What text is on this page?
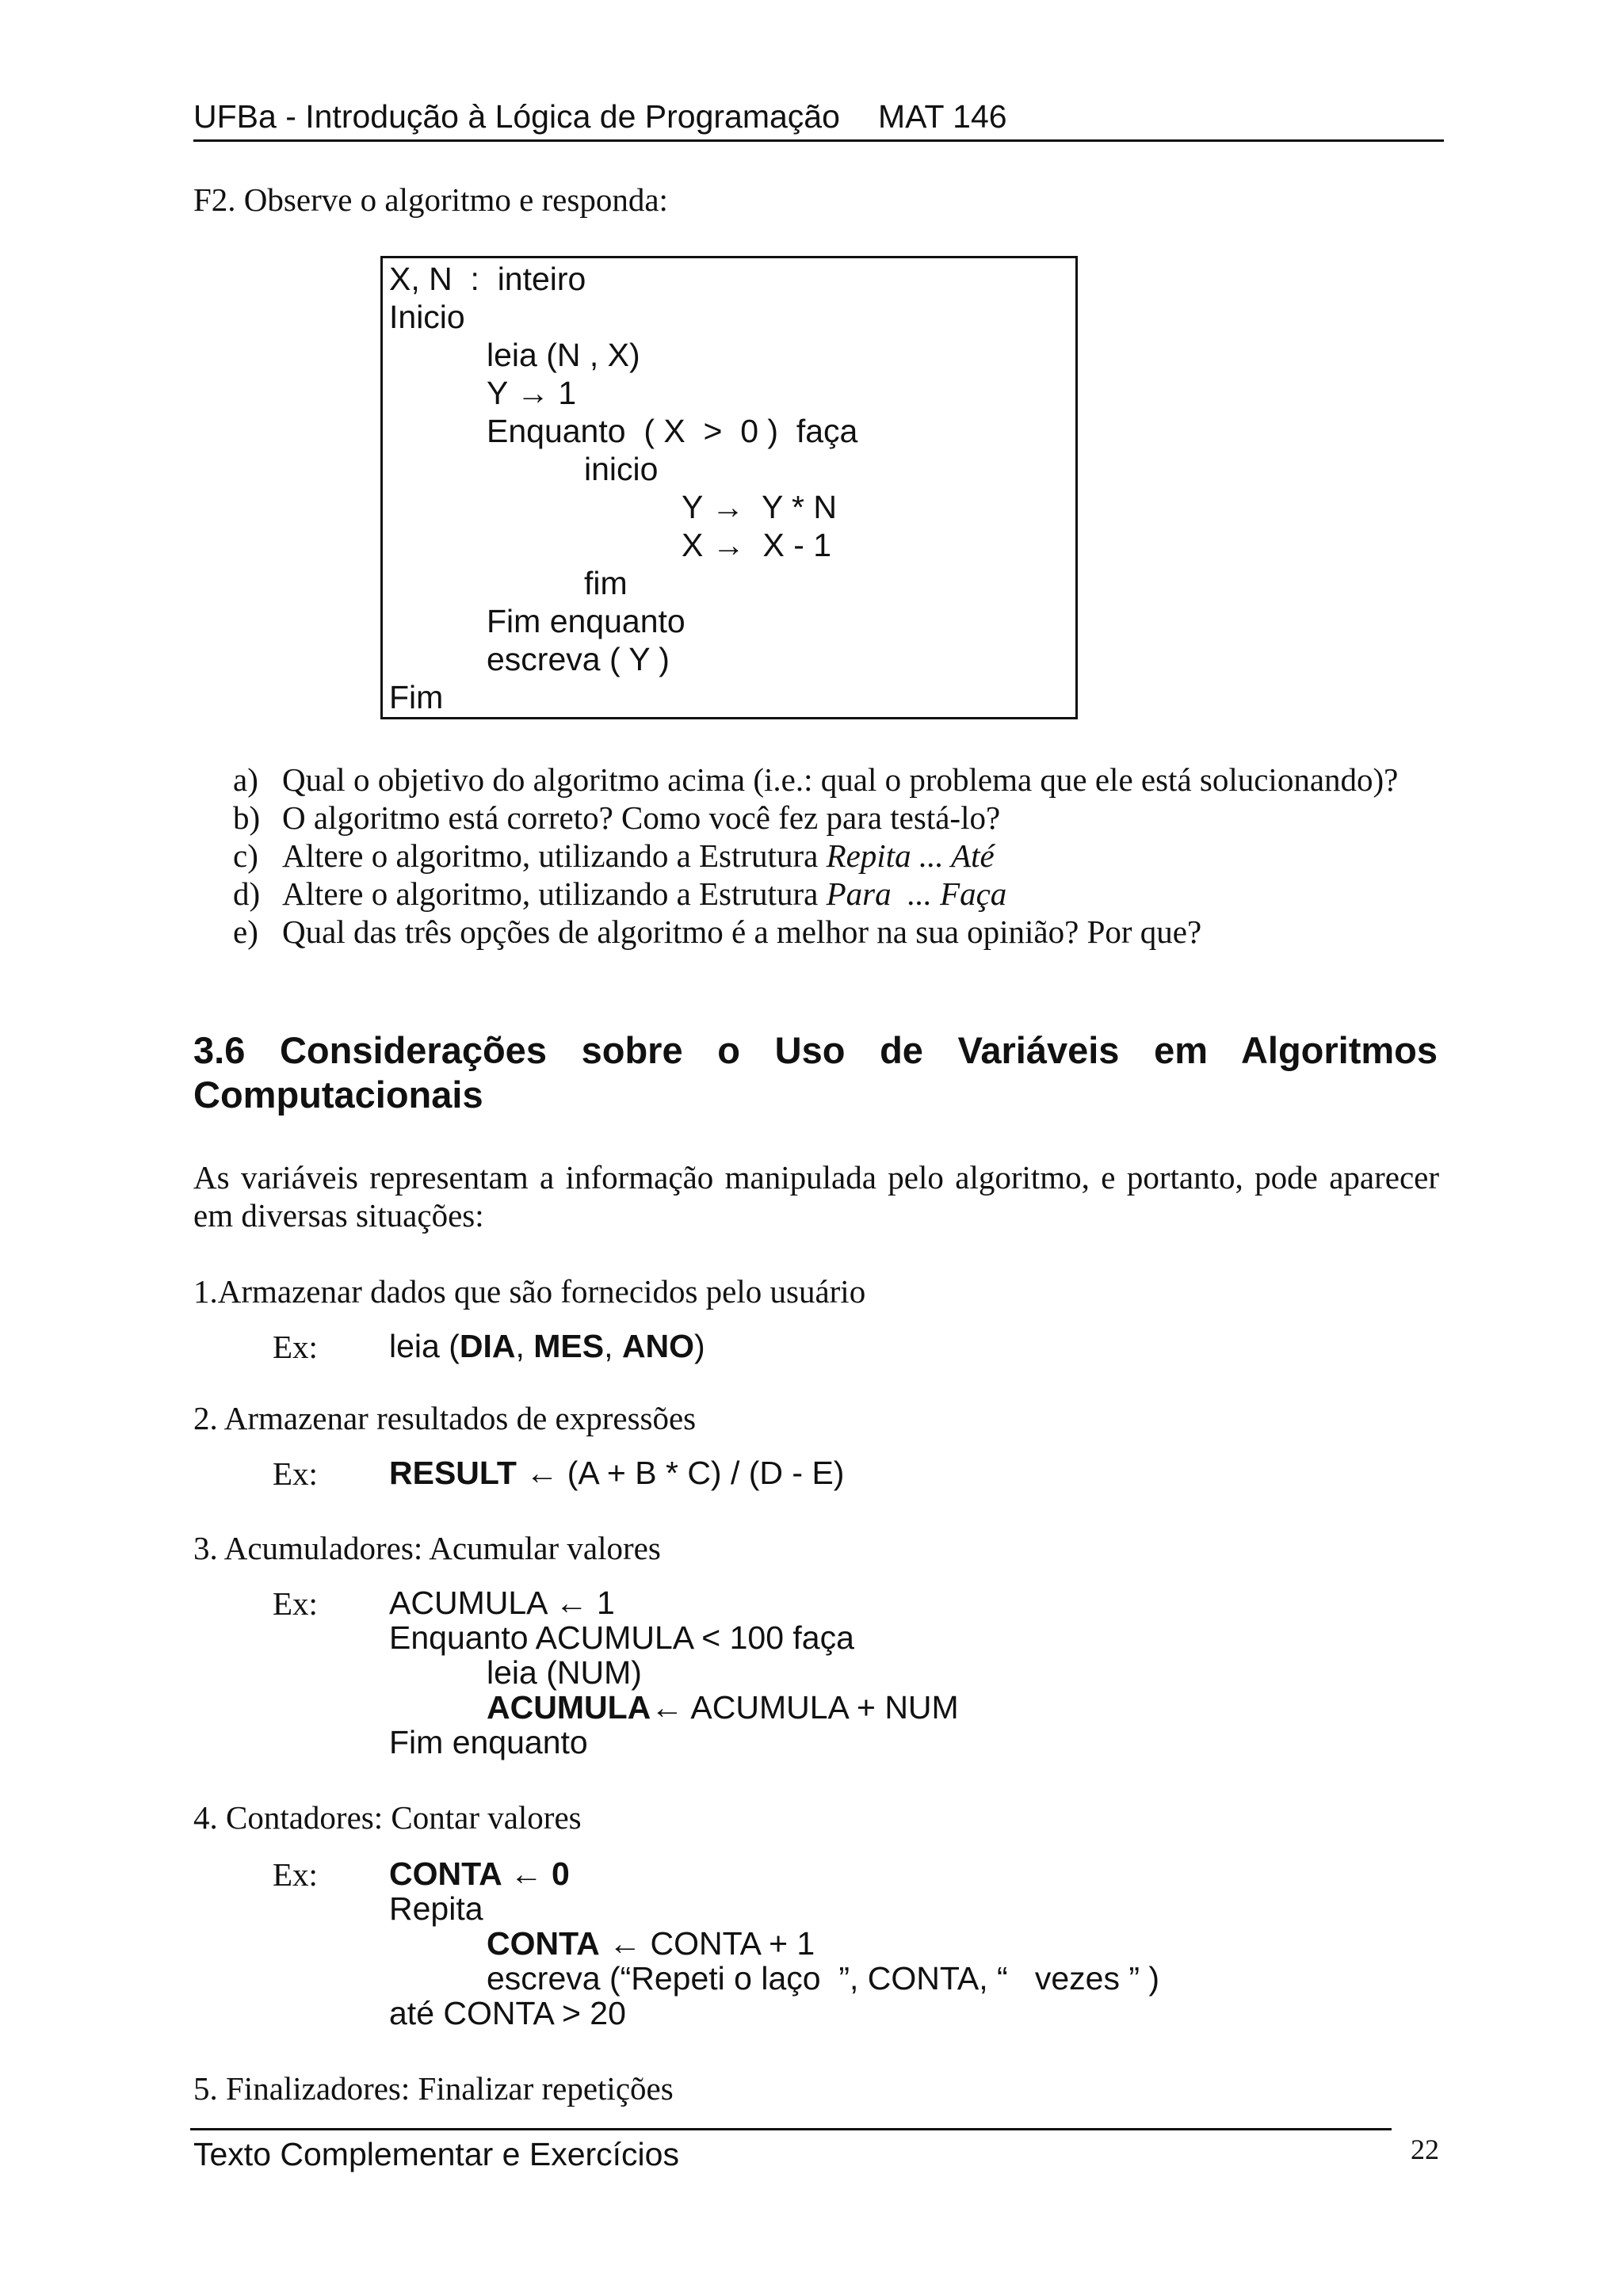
UFBa - Introdução à Lógica de Programação MAT 146
F2. Observe o algoritmo e responda:
X, N  :  inteiro
Inicio
leia (N , X)
Y → 1
Enquanto  ( X  >  0 )  faça
inicio
Y →  Y * N
X →  X - 1
fim
Fim enquanto
escreva ( Y )
Fim
a) Qual o objetivo do algoritmo acima (i.e.: qual o problema que ele está solucionando)?
b) O algoritmo está correto? Como você fez para testá-lo?
c) Altere o algoritmo, utilizando a Estrutura Repita ... Até
d) Altere o algoritmo, utilizando a Estrutura Para  ... Faça
e) Qual das três opções de algoritmo é a melhor na sua opinião? Por que?
3.6 Considerações sobre o Uso de Variáveis em Algoritmos
Computacionais
As variáveis representam a informação manipulada pelo algoritmo, e portanto, pode aparecer
em diversas situações:
1.Armazenar dados que são fornecidos pelo usuário
Ex: leia (DIA, MES, ANO)
2. Armazenar resultados de expressões
Ex: RESULT ← (A + B * C) / (D - E)
3. Acumuladores: Acumular valores
Ex: ACUMULA ← 1
Enquanto ACUMULA < 100 faça
leia (NUM)
ACUMULA← ACUMULA + NUM
Fim enquanto
4. Contadores: Contar valores
Ex: CONTA ← 0
Repita
CONTA ← CONTA + 1
escreva (“Repeti o laço  ”, CONTA, “   vezes ” )
até CONTA > 20
5. Finalizadores: Finalizar repetições
Texto Complementar e Exercícios	22
